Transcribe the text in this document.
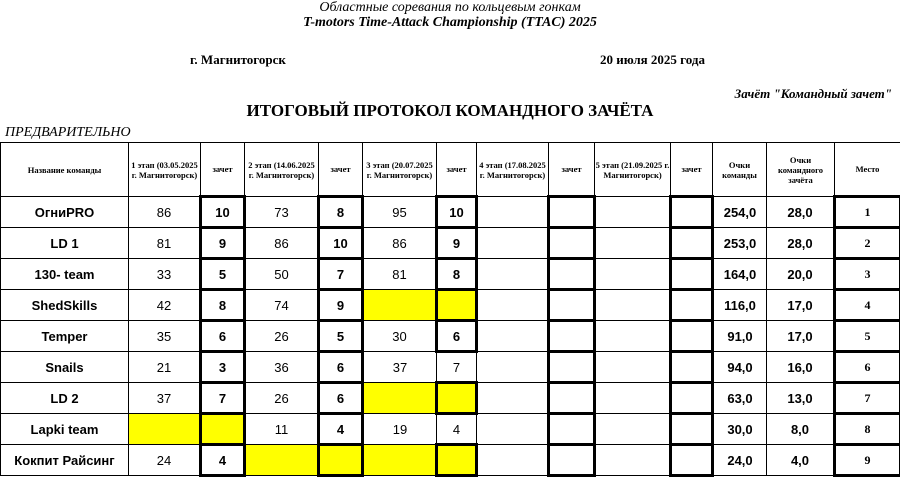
Областные соревания по кольцевым гонкам
T-motors Time-Attack Championship (TTAC) 2025
г. Магнитогорск	20 июля 2025 года
Зачёт "Командный зачет"
ИТОГОВЫЙ ПРОТОКОЛ КОМАНДНОГО ЗАЧЁТА
ПРЕДВАРИТЕЛЬНО
Название команды	1 этап (03.05.2025 г. Магнитогорск)	зачет	2 этап (14.06.2025 г. Магнитогорск)	зачет	3 этап (20.07.2025 г. Магнитогорск)	зачет	4 этап (17.08.2025 г. Магнитогорск)	зачет	5 этап (21.09.2025 г. Магнитогорск)	зачет	Очки команды	Очки командного зачёта	Место
ОгниPRO	86	10	73	8	95	10					254,0	28,0	1
LD 1	81	9	86	10	86	9					253,0	28,0	2
130- team	33	5	50	7	81	8					164,0	20,0	3
ShedSkills	42	8	74	9							116,0	17,0	4
Temper	35	6	26	5	30	6					91,0	17,0	5
Snails	21	3	36	6	37	7					94,0	16,0	6
LD 2	37	7	26	6							63,0	13,0	7
Lapki team			11	4	19	4					30,0	8,0	8
Кокпит Райсинг	24	4									24,0	4,0	9
